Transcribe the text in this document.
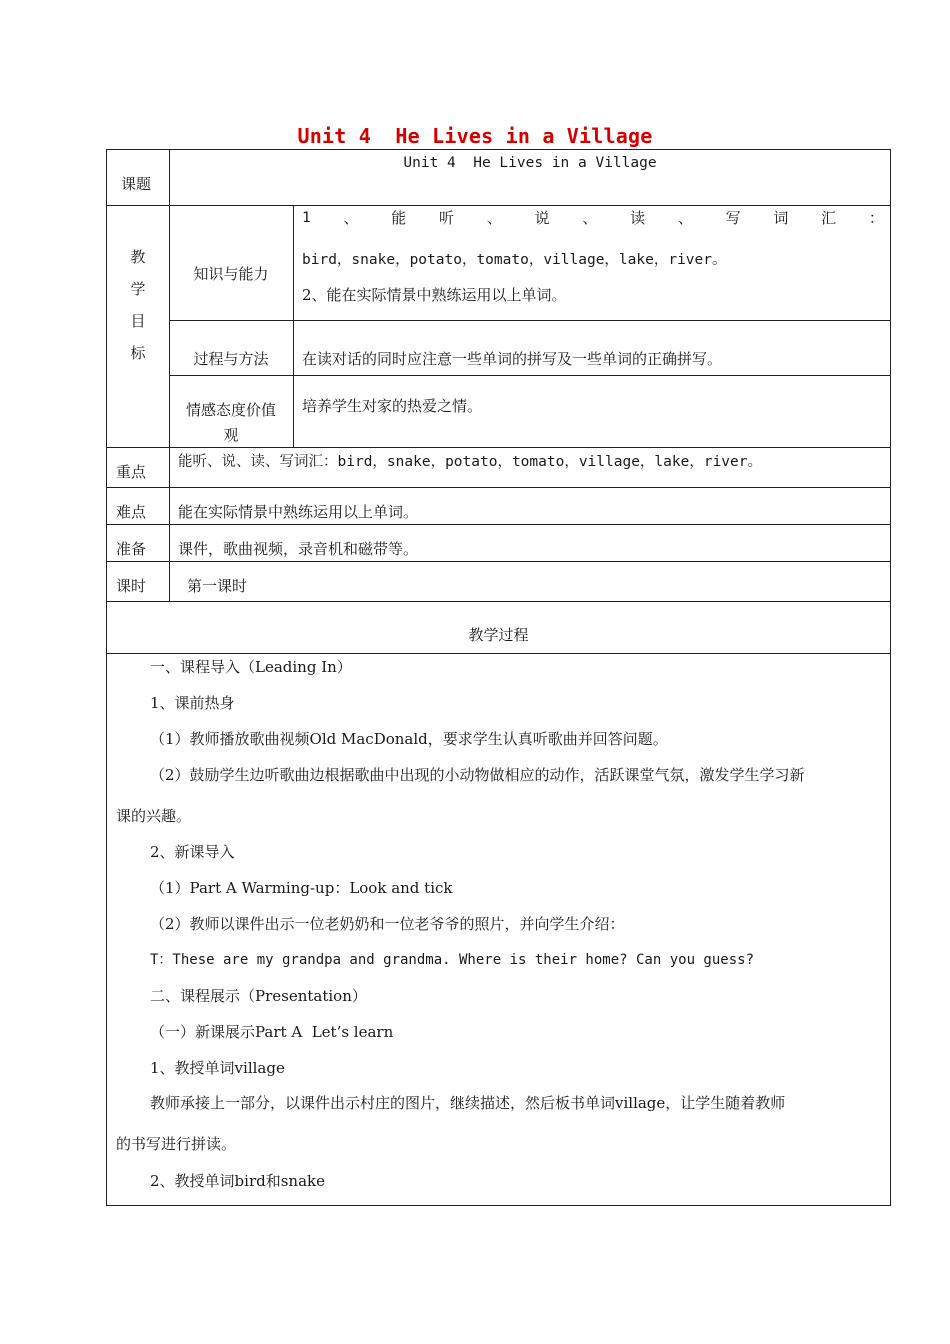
Unit 4  He Lives in a Village
课题
Unit 4  He Lives in a Village
教
学
目
标
知识与能力
1 、 能 听 、 说 、 读 、 写 词 汇 ：
bird，snake，potato，tomato，village，lake，river。
2、能在实际情景中熟练运用以上单词。
过程与方法	在读对话的同时应注意一些单词的拼写及一些单词的正确拼写。
情感态度价值
观
培养学生对家的热爱之情。
重点
能听、说、读、写词汇：bird，snake，potato，tomato，village，lake，river。
难点 能在实际情景中熟练运用以上单词。
准备 课件，歌曲视频，录音机和磁带等。
课时	第一课时
教学过程
一、课程导入（Leading In）
1、课前热身
（1）教师播放歌曲视频Old MacDonald，要求学生认真听歌曲并回答问题。
（2）鼓励学生边听歌曲边根据歌曲中出现的小动物做相应的动作，活跃课堂气氛，激发学生学习新
课的兴趣。
2、新课导入
（1）Part A Warming-up：Look and tick
（2）教师以课件出示一位老奶奶和一位老爷爷的照片，并向学生介绍：
T：These are my grandpa and grandma. Where is their home? Can you guess?
二、课程展示（Presentation）
（一）新课展示Part A  Let’s learn
1、教授单词village
教师承接上一部分，以课件出示村庄的图片，继续描述，然后板书单词village，让学生随着教师
的书写进行拼读。
2、教授单词bird和snake
